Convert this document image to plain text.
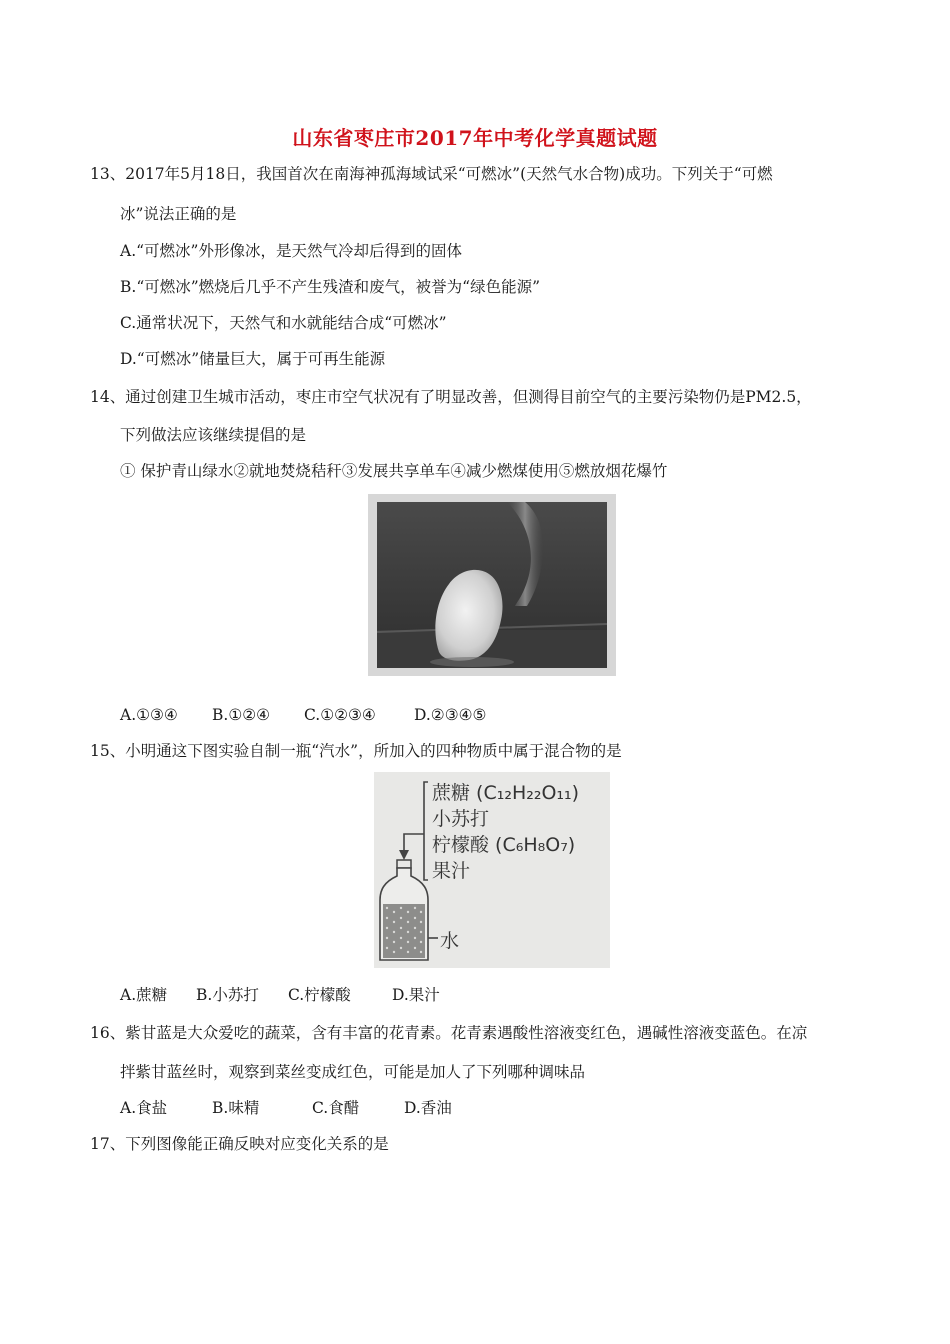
山东省枣庄市2017年中考化学真题试题
13、2017年5月18日，我国首次在南海神孤海域试采“可燃冰”(天然气水合物)成功。下列关于“可燃
冰”说法正确的是
A.“可燃冰”外形像冰，是天然气冷却后得到的固体
B.“可燃冰”燃烧后几乎不产生残渣和废气，被誉为“绿色能源”
C.通常状况下，天然气和水就能结合成“可燃冰”
D.“可燃冰”储量巨大，属于可再生能源
14、通过创建卫生城市活动，枣庄市空气状况有了明显改善，但测得目前空气的主要污染物仍是PM2.5，
下列做法应该继续提倡的是
① 保护青山绿水②就地焚烧秸秆③发展共享单车④减少燃煤使用⑤燃放烟花爆竹
A.①③④ B.①②④ C.①②③④ D.②③④⑤
15、小明通这下图实验自制一瓶“汽水”，所加入的四种物质中属于混合物的是
蔗糖 (C₁₂H₂₂O₁₁)
小苏打
柠檬酸 (C₆H₈O₇)
果汁
水
A.蔗糖 B.小苏打 C.柠檬酸	D.果汁
16、紫甘蓝是大众爱吃的蔬菜，含有丰富的花青素。花青素遇酸性溶液变红色，遇碱性溶液变蓝色。在凉
拌紫甘蓝丝时，观察到菜丝变成红色，可能是加人了下列哪种调味品
A.食盐	B.味精	C.食醋	D.香油
17、下列图像能正确反映对应变化关系的是
